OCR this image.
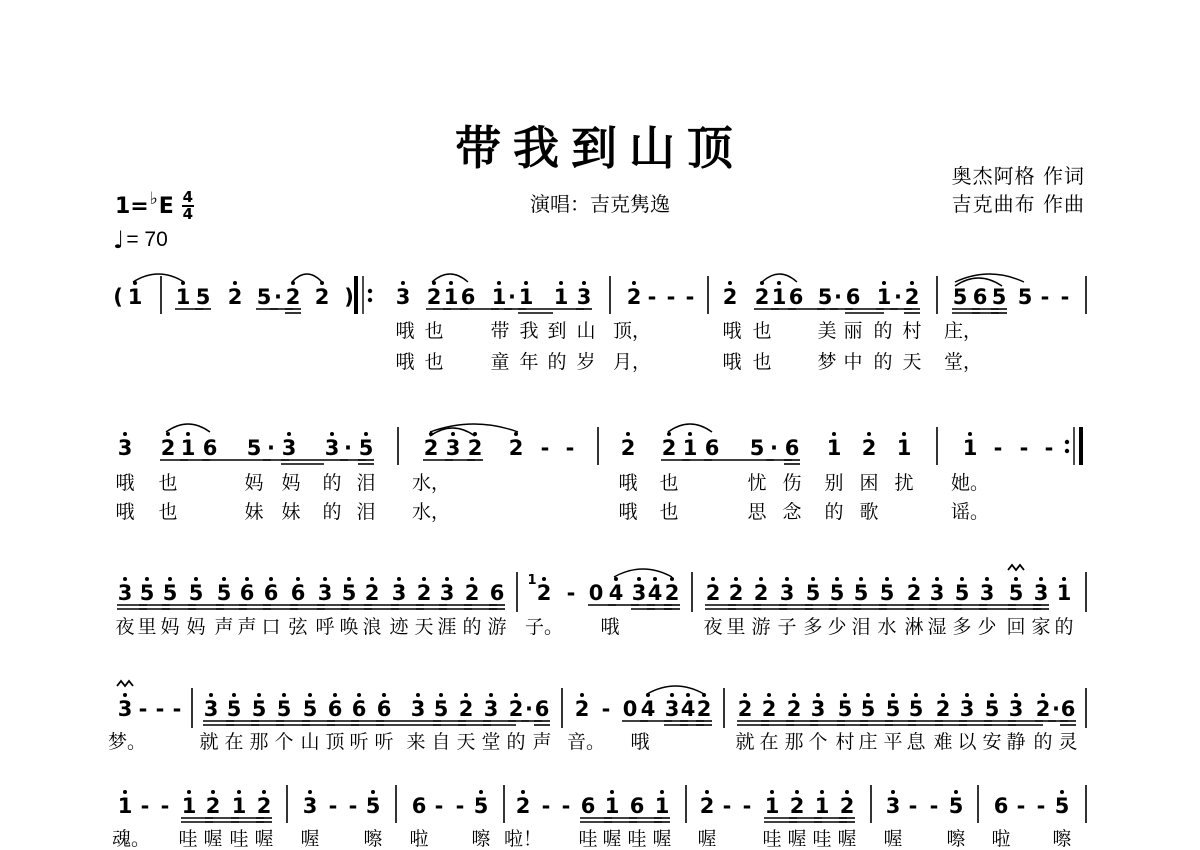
带我到山顶
演唱：吉克隽逸
奥杰阿格 作词
吉克曲布 作曲
1= ♭ E 4
4
♩ = 70
( 1 1 5 2 5 · 2 2 ) 3 2 1 6 1 · 1 1 3 2 - - - 2 2 1 6 5 · 6 1 · 2 5 6 5 5 - -
哦 也 带 我 到 山 顶，	哦 也 美 丽 的 村 庄，
哦 也 童 年 的 岁 月，	哦 也 梦 中 的 天 堂，
3 2 1 6 5 · 3 3 · 5 2 3 2 2 - - 2 2 1 6 5 · 6 1 2 1 1 - - -
哦 也	妈 妈 的 泪 水，	哦 也	忧 伤 别 困 扰 她。
哦 也	妹 妹 的 泪 水，	哦 也	思 念 的 歌	谣。
3 5 5 5 5 6 6 6 3 5 2 3 2 3 2 6 2 - 0 4 3 4 2 2 2 2 3 5 5 5 5 2 3 5 3 5 3 1
夜 里 妈 妈 声 声 口 弦 呼 唤 浪 迹 天 涯 的 游 子。 哦	夜 里 游 子 多 少 泪 水 淋 湿 多 少 回 家 的
3 - - - 3 5 5 5 5 6 6 6 3 5 2 3 2 · 6 2 - 0 4 3 4 2 2 2 2 3 5 5 5 5 2 3 5 3 2 · 6
梦。	就 在 那 个 山 顶 听 听 来 自 天 堂 的 声 音。 哦	就 在 那 个 村 庄 平 息 难 以 安 静 的 灵
1 - - 1 2 1 2 3 - - 5 6 - - 5 2 - - 6 1 6 1 2 - - 1 2 1 2 3 - - 5 6 - - 5
魂。 哇 喔 哇 喔 喔 嚓 啦 嚓 啦！ 哇 喔 哇 喔 喔 哇 喔 哇 喔 喔 嚓 啦 嚓
1
